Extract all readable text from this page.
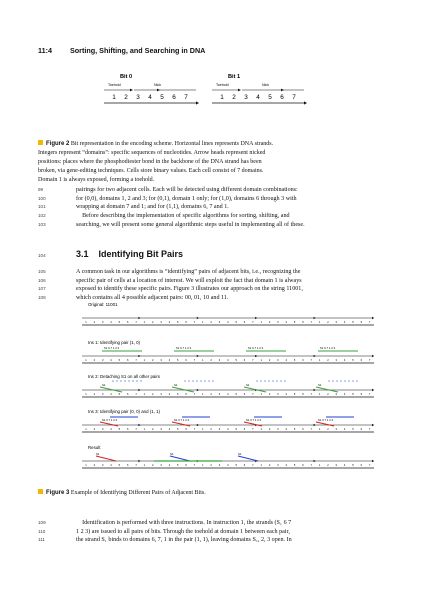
11:4	Sorting, Shifting, and Searching in DNA
Bit 0
Toehold	Nick
1 2 3 4 5 6 7
Bit 1
Toehold	Nick
1 2 3 4 5 6 7
Figure 2 Bit representation in the encoding scheme. Horizontal lines represents DNA strands.
Integers represent “domains”: specific sequences of nucleotides. Arrow heads represent nicked
positions: places where the phosphodiester bond in the backbone of the DNA strand has been
broken, via gene-editing techniques. Cells store binary values. Each cell consist of 7 domains.
Domain 1 is always exposed, forming a toehold.
99	pairings for two adjacent cells. Each will be detected using different domain combinations:
100	for (0,0), domains 1, 2 and 3; for (0,1), domain 1 only; for (1,0), domains 6 through 3 with
101	wrapping at domain 7 and 1; and for (1,1), domains 6, 7 and 1.
102	 Before describing the implementation of specific algorithms for sorting, shifting, and
103	searching, we will present some general algorithmic steps useful in implementing all of these.
104	3.1 Identifying Bit Pairs
105	A common task in our algorithms is “identifying” pairs of adjacent bits, i.e., recognizing the
106	specific pair of cells at a location of interest. We will exploit the fact that domain 1 is always
107	exposed to identify these specific pairs. Figure 3 illustrates our approach on the string 11001,
108	which contains all 4 possible adjacent pairs: 00, 01, 10 and 11.
Original: 11001
1	2	3	4	5	6	7	1	2	3	4	5	6	7	1	2	3	4	5	6	7	1	2	3	4	5	6	7	1	2	3	4	5	6	7
Ins 1: Identifying pair (1, 0)
1	2	3	4	5	6	7	1	2	3	4	5	6	7	1	2	3	4	5	6	7	1	2	3	4	5	6	7	1	2	3	4	5	6	7
S1 6 7 1 2 3	S1 6 7 1 2 3	S1 6 7 1 2 3	S1 6 7 1 2 3
Ins 2: Detaching S1 on all other pairs
1	2	3	4	5	6	7	1	2	3	4	5	6	7	1	2	3	4	5	6	7	1	2	3	4	5	6	7	1	2	3	4	5	6	7
S1	S1	S1	S1
Ins 3: Identifying pair (0, 0) and (1, 1)
1	2	3	4	5	6	7	1	2	3	4	5	6	7	1	2	3	4	5	6	7	1	2	3	4	5	6	7	1	2	3	4	5	6	7
S1 6 7 1 2 3	S1 6 7 1 2 3	S1 6 7 1 2 3	S1 6 7 1 2 3
Result
1	2	3	4	5	6	7	1	2	3	4	5	6	7	1	2	3	4	5	6	7	1	2	3	4	5	6	7	1	2	3	4	5	6	7
S1	S1	S1
Figure 3 Example of Identifying Different Pairs of Adjacent Bits.
109	 Identification is performed with three instructions. In instruction 1, the strands (S₁ 6 7
110	1 2 3) are issued to all pairs of bits. Through the toehold at domain 1 between each pair,
111	the strand S₁ binds to domains 6, 7, 1 in the pair (1, 1), leaving domains S₁, 2, 3 open. In
